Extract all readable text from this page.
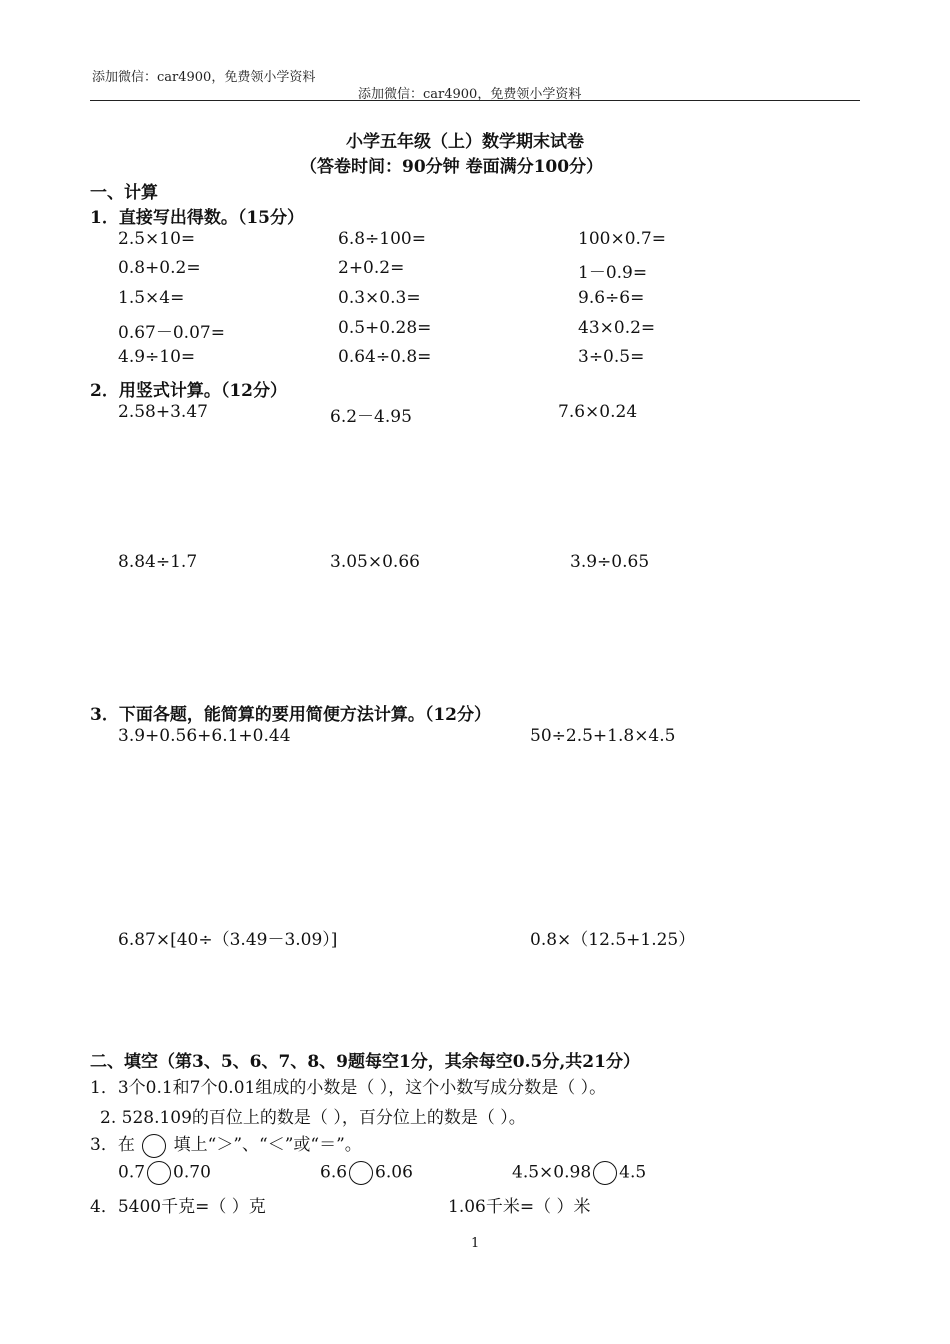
添加微信：car4900，免费领小学资料
添加微信：car4900，免费领小学资料
小学五年级（上）数学期末试卷
（答卷时间：90分钟 卷面满分100分）
一、计算
1．直接写出得数。（15分）
2.5×10=	6.8÷100=	100×0.7=
0.8+0.2=	2+0.2=	1－0.9=
1.5×4=	0.3×0.3=	9.6÷6=
0.67－0.07=	0.5+0.28=	43×0.2=
4.9÷10=	0.64÷0.8=	3÷0.5=
2．用竖式计算。（12分）
2.58+3.47	6.2－4.95	7.6×0.24
8.84÷1.7	3.05×0.66	3.9÷0.65
3．下面各题，能简算的要用简便方法计算。（12分）
3.9+0.56+6.1+0.44	50÷2.5+1.8×4.5
6.87×[40÷（3.49－3.09）]	0.8×（12.5+1.25）
二、填空（第3、5、6、7、8、9题每空1分，其余每空0.5分,共21分）
1．3个0.1和7个0.01组成的小数是（ ），这个小数写成分数是（ ）。
2. 528.109的百位上的数是（ ），百分位上的数是（ ）。
3．在 填上“＞”、“＜”或“＝”。
0.7 0.70	6.6 6.06	4.5×0.98 4.5
4．5400千克=（ ）克	1.06千米=（ ）米
1
